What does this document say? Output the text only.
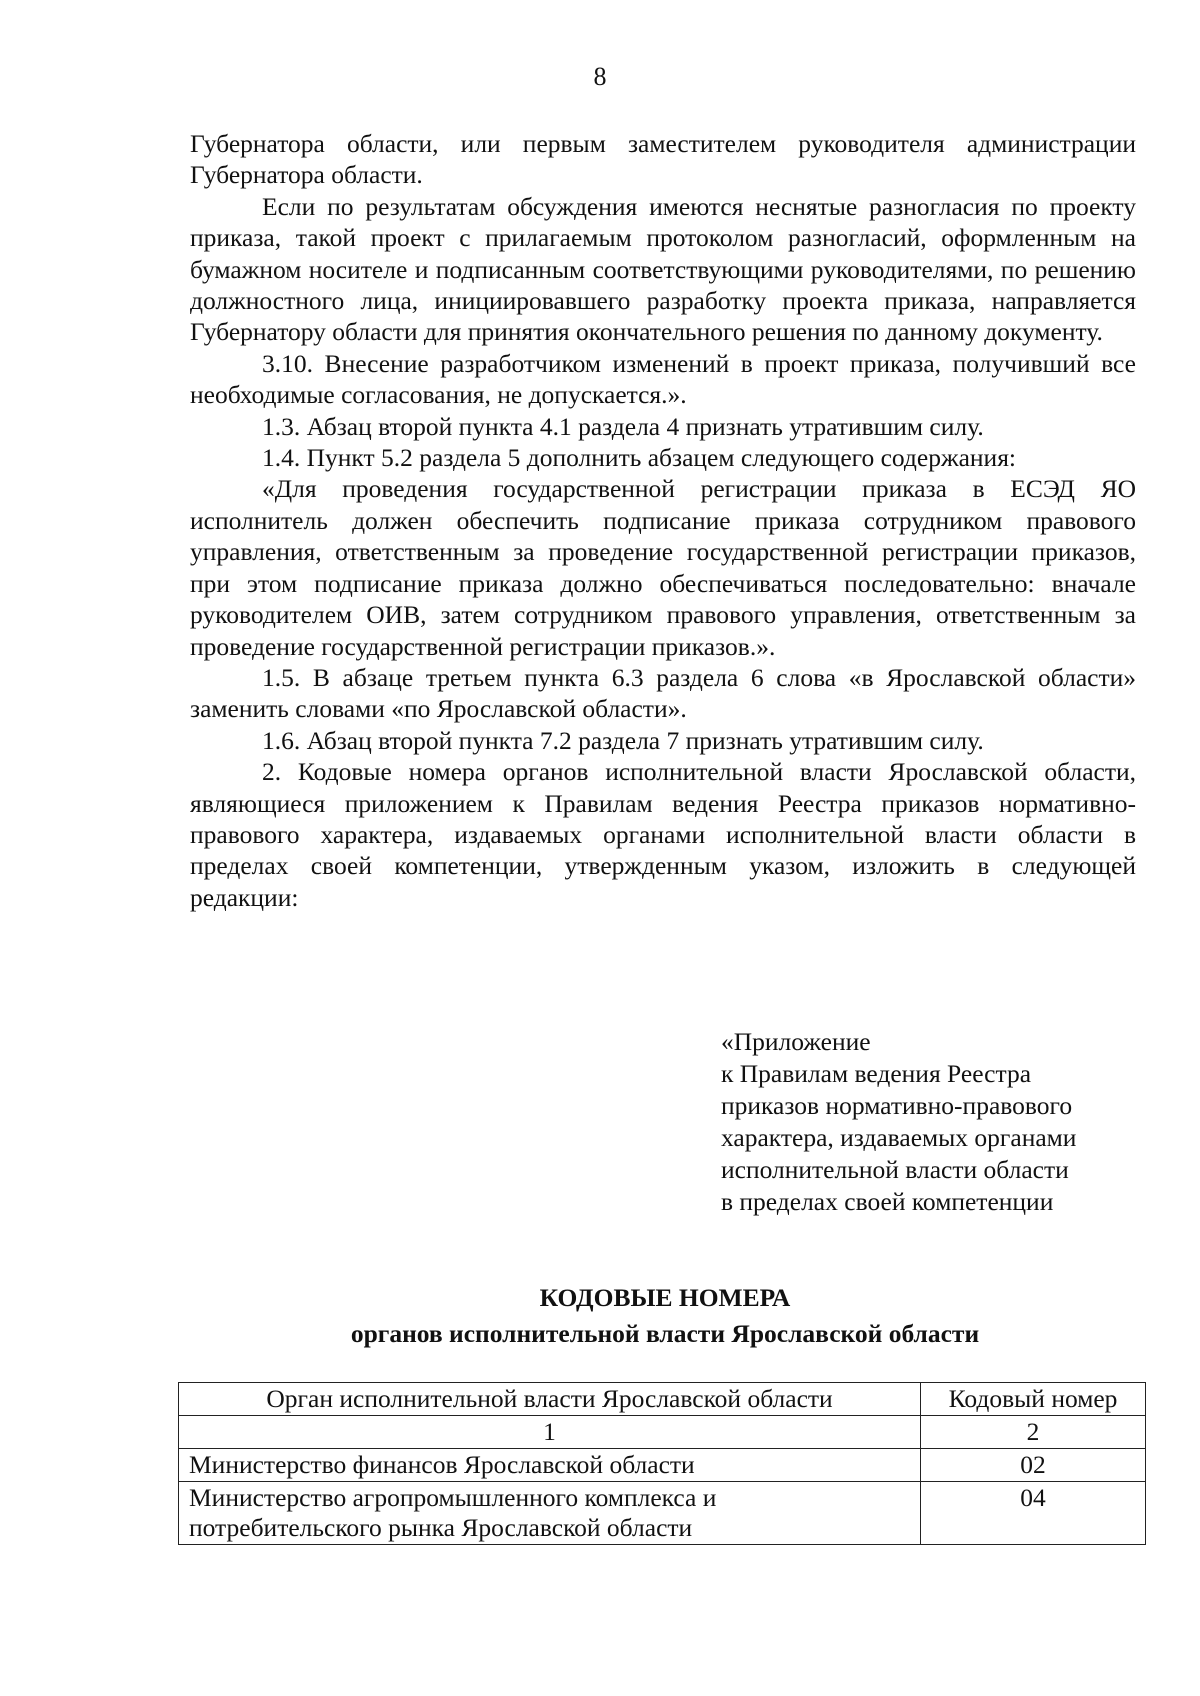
8

Губернатора области, или первым заместителем руководителя администрации Губернатора области.

Если по результатам обсуждения имеются неснятые разногласия по проекту приказа, такой проект с прилагаемым протоколом разногласий, оформленным на бумажном носителе и подписанным соответствующими руководителями, по решению должностного лица, инициировавшего разработку проекта приказа, направляется Губернатору области для принятия окончательного решения по данному документу.

3.10. Внесение разработчиком изменений в проект приказа, получивший все необходимые согласования, не допускается.».

1.3. Абзац второй пункта 4.1 раздела 4 признать утратившим силу.

1.4. Пункт 5.2 раздела 5 дополнить абзацем следующего содержания:

«Для проведения государственной регистрации приказа в ЕСЭД ЯО исполнитель должен обеспечить подписание приказа сотрудником правового управления, ответственным за проведение государственной регистрации приказов, при этом подписание приказа должно обеспечиваться последовательно: вначале руководителем ОИВ, затем сотрудником правового управления, ответственным за проведение государственной регистрации приказов.».

1.5. В абзаце третьем пункта 6.3 раздела 6 слова «в Ярославской области» заменить словами «по Ярославской области».

1.6. Абзац второй пункта 7.2 раздела 7 признать утратившим силу.

2. Кодовые номера органов исполнительной власти Ярославской области, являющиеся приложением к Правилам ведения Реестра приказов нормативно-правового характера, издаваемых органами исполнительной власти области в пределах своей компетенции, утвержденным указом, изложить в следующей редакции:

«Приложение
к Правилам ведения Реестра
приказов нормативно-правового
характера, издаваемых органами
исполнительной власти области
в пределах своей компетенции
КОДОВЫЕ НОМЕРА
органов исполнительной власти Ярославской области
Орган исполнительной власти Ярославской области	Кодовый номер
1	2
Министерство финансов Ярославской области	02
Министерство агропромышленного комплекса и потребительского рынка Ярославской области	04
